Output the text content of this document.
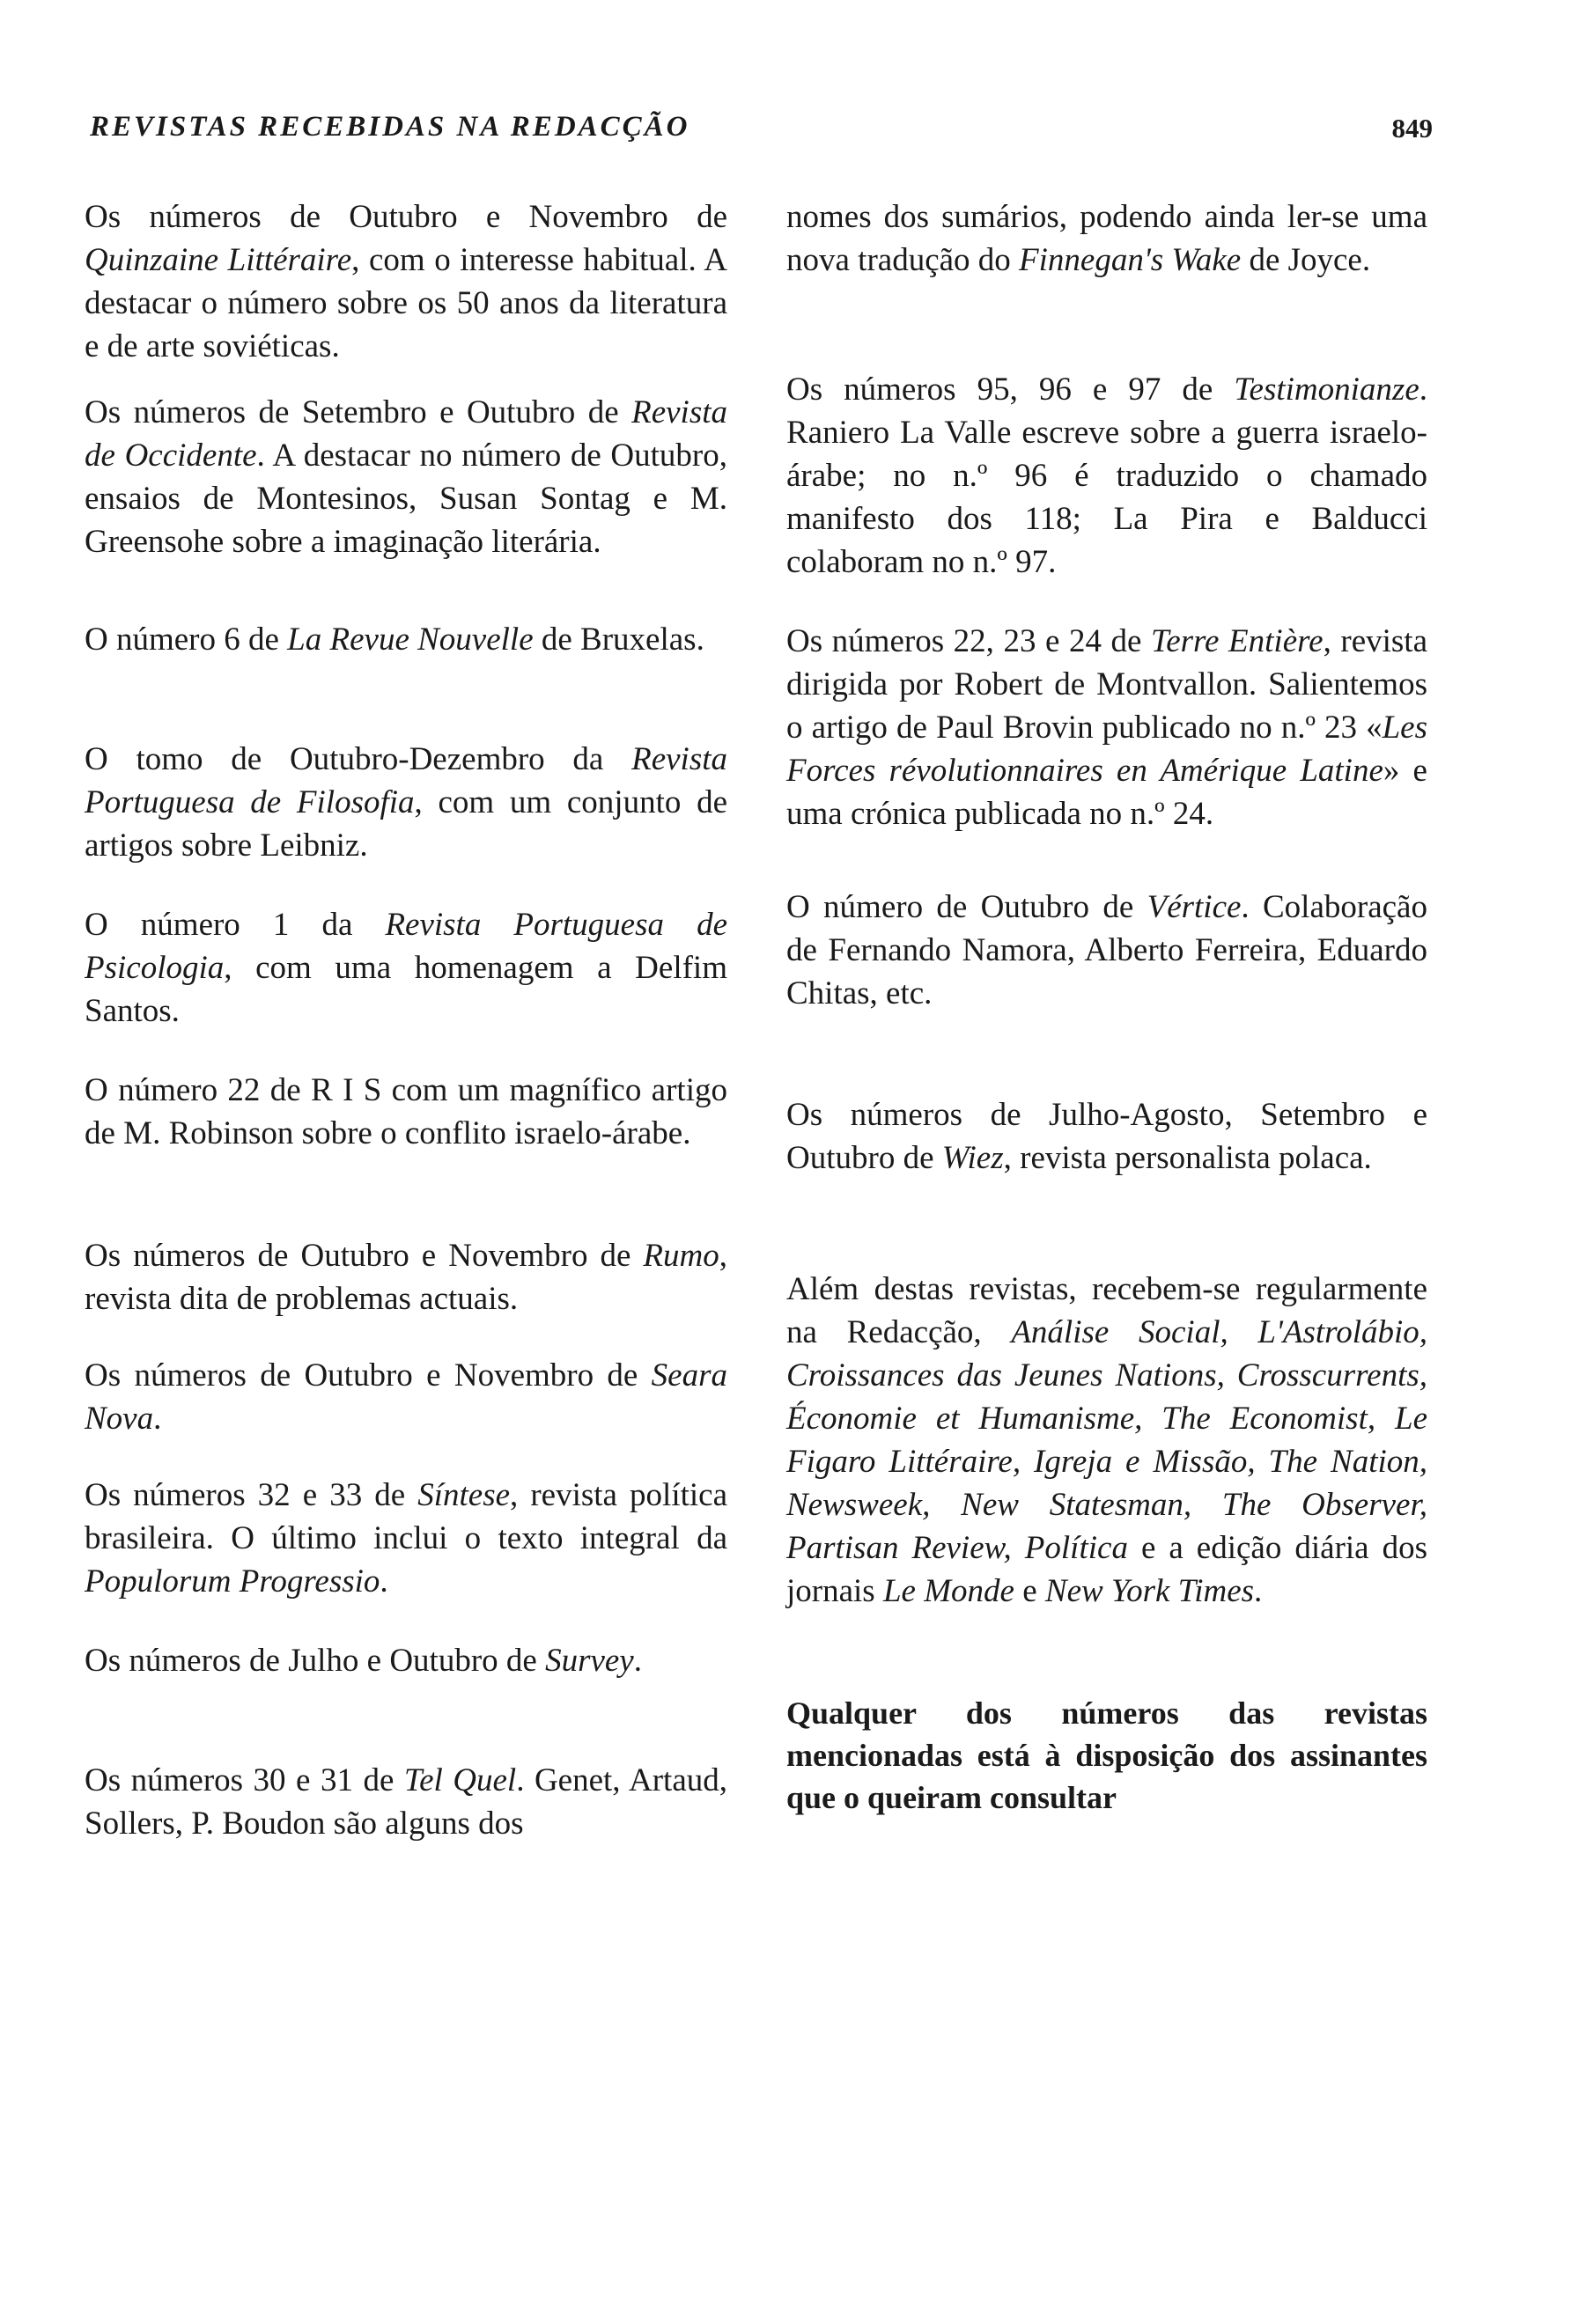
REVISTAS RECEBIDAS NA REDACÇÃO	849

Os números de Outubro e Novembro de Quinzaine Littéraire, com o interesse habitual. A destacar o número sobre os 50 anos da literatura e de arte soviéticas.

Os números de Setembro e Outubro de Revista de Occidente. A destacar no número de Outubro, ensaios de Montesinos, Susan Sontag e M. Greensohe sobre a imaginação literária.

O número 6 de La Revue Nouvelle de Bruxelas.

O tomo de Outubro-Dezembro da Revista Portuguesa de Filosofia, com um conjunto de artigos sobre Leibniz.

O número 1 da Revista Portuguesa de Psicologia, com uma homenagem a Delfim Santos.

O número 22 de R I S com um magnífico artigo de M. Robinson sobre o conflito israelo-árabe.

Os números de Outubro e Novembro de Rumo, revista dita de problemas actuais.

Os números de Outubro e Novembro de Seara Nova.

Os números 32 e 33 de Síntese, revista política brasileira. O último inclui o texto integral da Populorum Progressio.

Os números de Julho e Outubro de Survey.

Os números 30 e 31 de Tel Quel. Genet, Artaud, Sollers, P. Boudon são alguns dos

nomes dos sumários, podendo ainda ler-se uma nova tradução do Finnegan's Wake de Joyce.

Os números 95, 96 e 97 de Testimonianze. Raniero La Valle escreve sobre a guerra israelo-árabe; no n.º 96 é traduzido o chamado manifesto dos 118; La Pira e Balducci colaboram no n.º 97.

Os números 22, 23 e 24 de Terre Entière, revista dirigida por Robert de Montvallon. Salientemos o artigo de Paul Brovin publicado no n.º 23 «Les Forces révolutionnaires en Amérique Latine» e uma crónica publicada no n.º 24.

O número de Outubro de Vértice. Colaboração de Fernando Namora, Alberto Ferreira, Eduardo Chitas, etc.

Os números de Julho-Agosto, Setembro e Outubro de Wiez, revista personalista polaca.

Além destas revistas, recebem-se regularmente na Redacção, Análise Social, L'Astrolábio, Croissances das Jeunes Nations, Crosscurrents, Économie et Humanisme, The Economist, Le Figaro Littéraire, Igreja e Missão, The Nation, Newsweek, New Statesman, The Observer, Partisan Review, Política e a edição diária dos jornais Le Monde e New York Times.

Qualquer dos números das revistas mencionadas está à disposição dos assinantes que o queiram consultar
